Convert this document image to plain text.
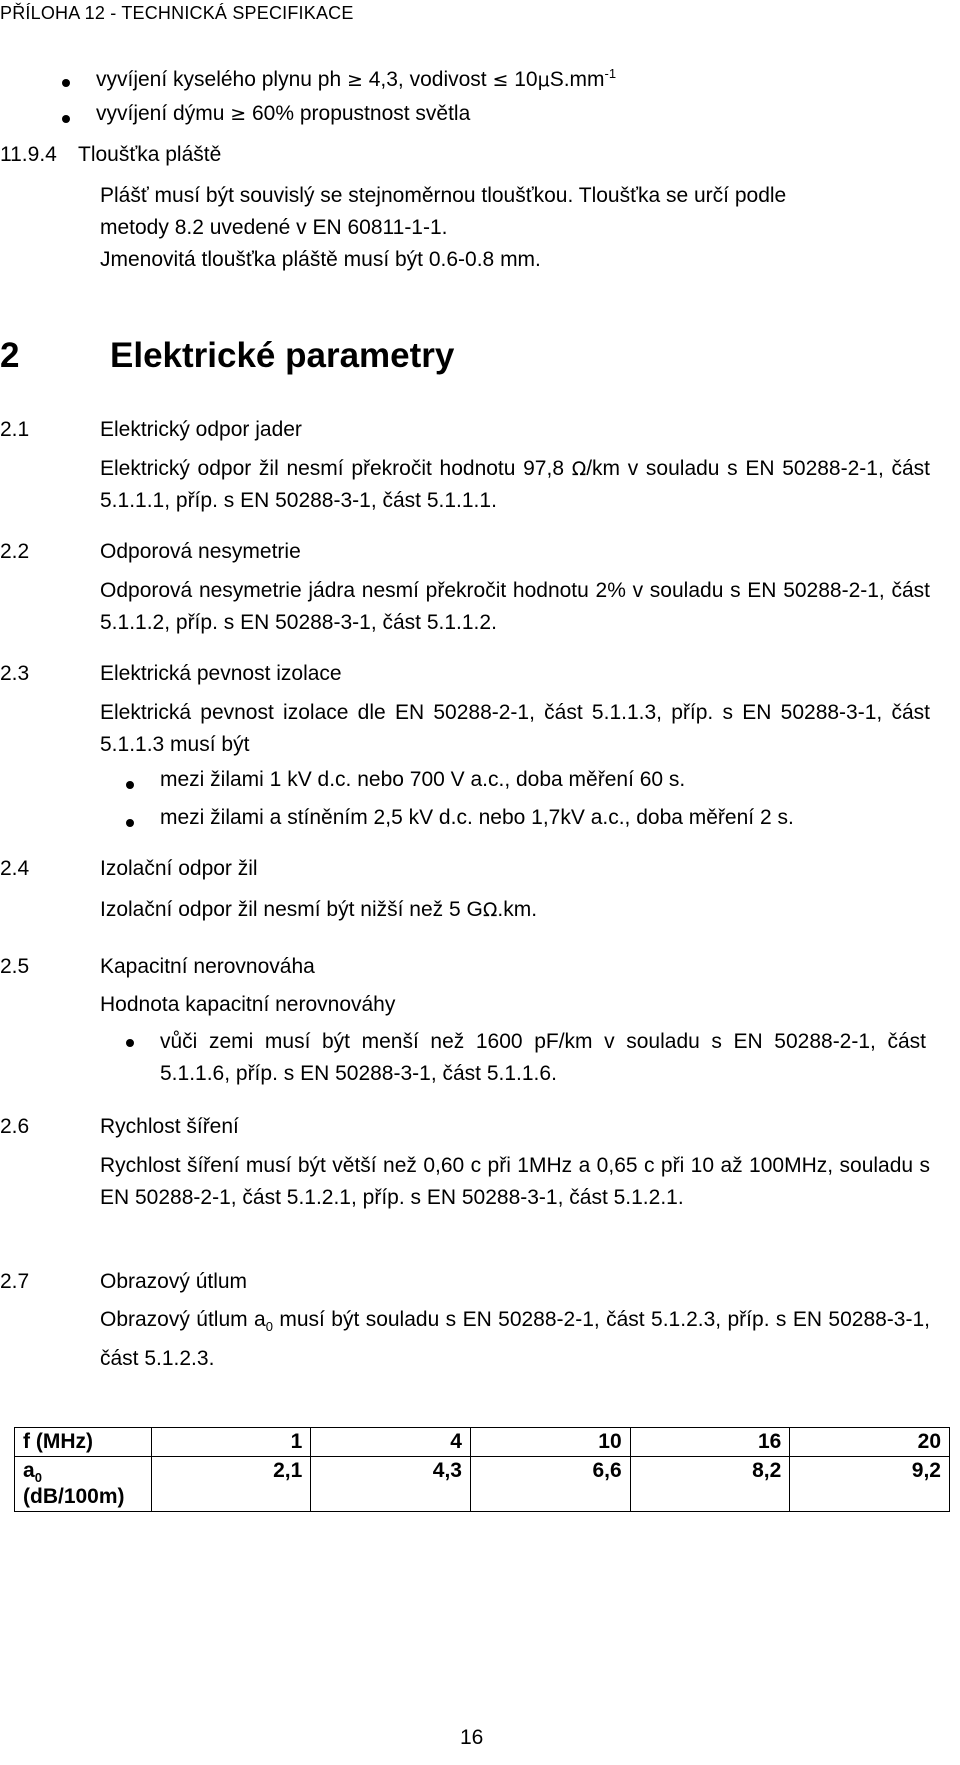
PŘÍLOHA 12 - TECHNICKÁ SPECIFIKACE
vyvíjení kyselého plynu ph ≥ 4,3, vodivost ≤ $10\mu S.mm^{-1}$
vyvíjení dýmu ≥ 60% propustnost světla
11.9.4 Tloušťka pláště
Plášť musí být souvislý se stejnoměrnou tloušťkou. Tloušťka se určí podle
metody 8.2 uvedené v EN 60811-1-1.
Jmenovitá tloušťka pláště musí být 0.6-0.8 mm.
2	Elektrické parametry
2.1	Elektrický odpor jader
Elektrický odpor žil nesmí překročit hodnotu 97,8 Ω/km v souladu s EN 50288-2-1, část 5.1.1.1, příp. s EN 50288-3-1, část 5.1.1.1.
2.2	Odporová nesymetrie
Odporová nesymetrie jádra nesmí překročit hodnotu 2% v souladu s EN 50288-2-1, část 5.1.1.2, příp. s EN 50288-3-1, část 5.1.1.2.
2.3	Elektrická pevnost izolace
Elektrická pevnost izolace dle EN 50288-2-1, část 5.1.1.3, příp. s EN 50288-3-1, část 5.1.1.3 musí být
mezi žilami 1 kV d.c. nebo 700 V a.c., doba měření 60 s.
mezi žilami a stíněním 2,5 kV d.c. nebo 1,7kV a.c., doba měření 2 s.
2.4	Izolační odpor žil
Izolační odpor žil nesmí být nižší než 5 GΩ.km.
2.5	Kapacitní nerovnováha
Hodnota kapacitní nerovnováhy
vůči zemi musí být menší než 1600 pF/km v souladu s EN 50288-2-1, část 5.1.1.6, příp. s EN 50288-3-1, část 5.1.1.6.
2.6	Rychlost šíření
Rychlost šíření musí být větší než 0,60 c při 1MHz a 0,65 c při 10 až 100MHz, souladu s EN 50288-2-1, část 5.1.2.1, příp. s EN 50288-3-1, část 5.1.2.1.
2.7	Obrazový útlum
Obrazový útlum $a_0$ musí být souladu s EN 50288-2-1, část 5.1.2.3, příp. s EN 50288-3-1, část 5.1.2.3.
f (MHz)	1	4	10	16	20
$a_0$
(dB/100m)	2,1	4,3	6,6	8,2	9,2
16
